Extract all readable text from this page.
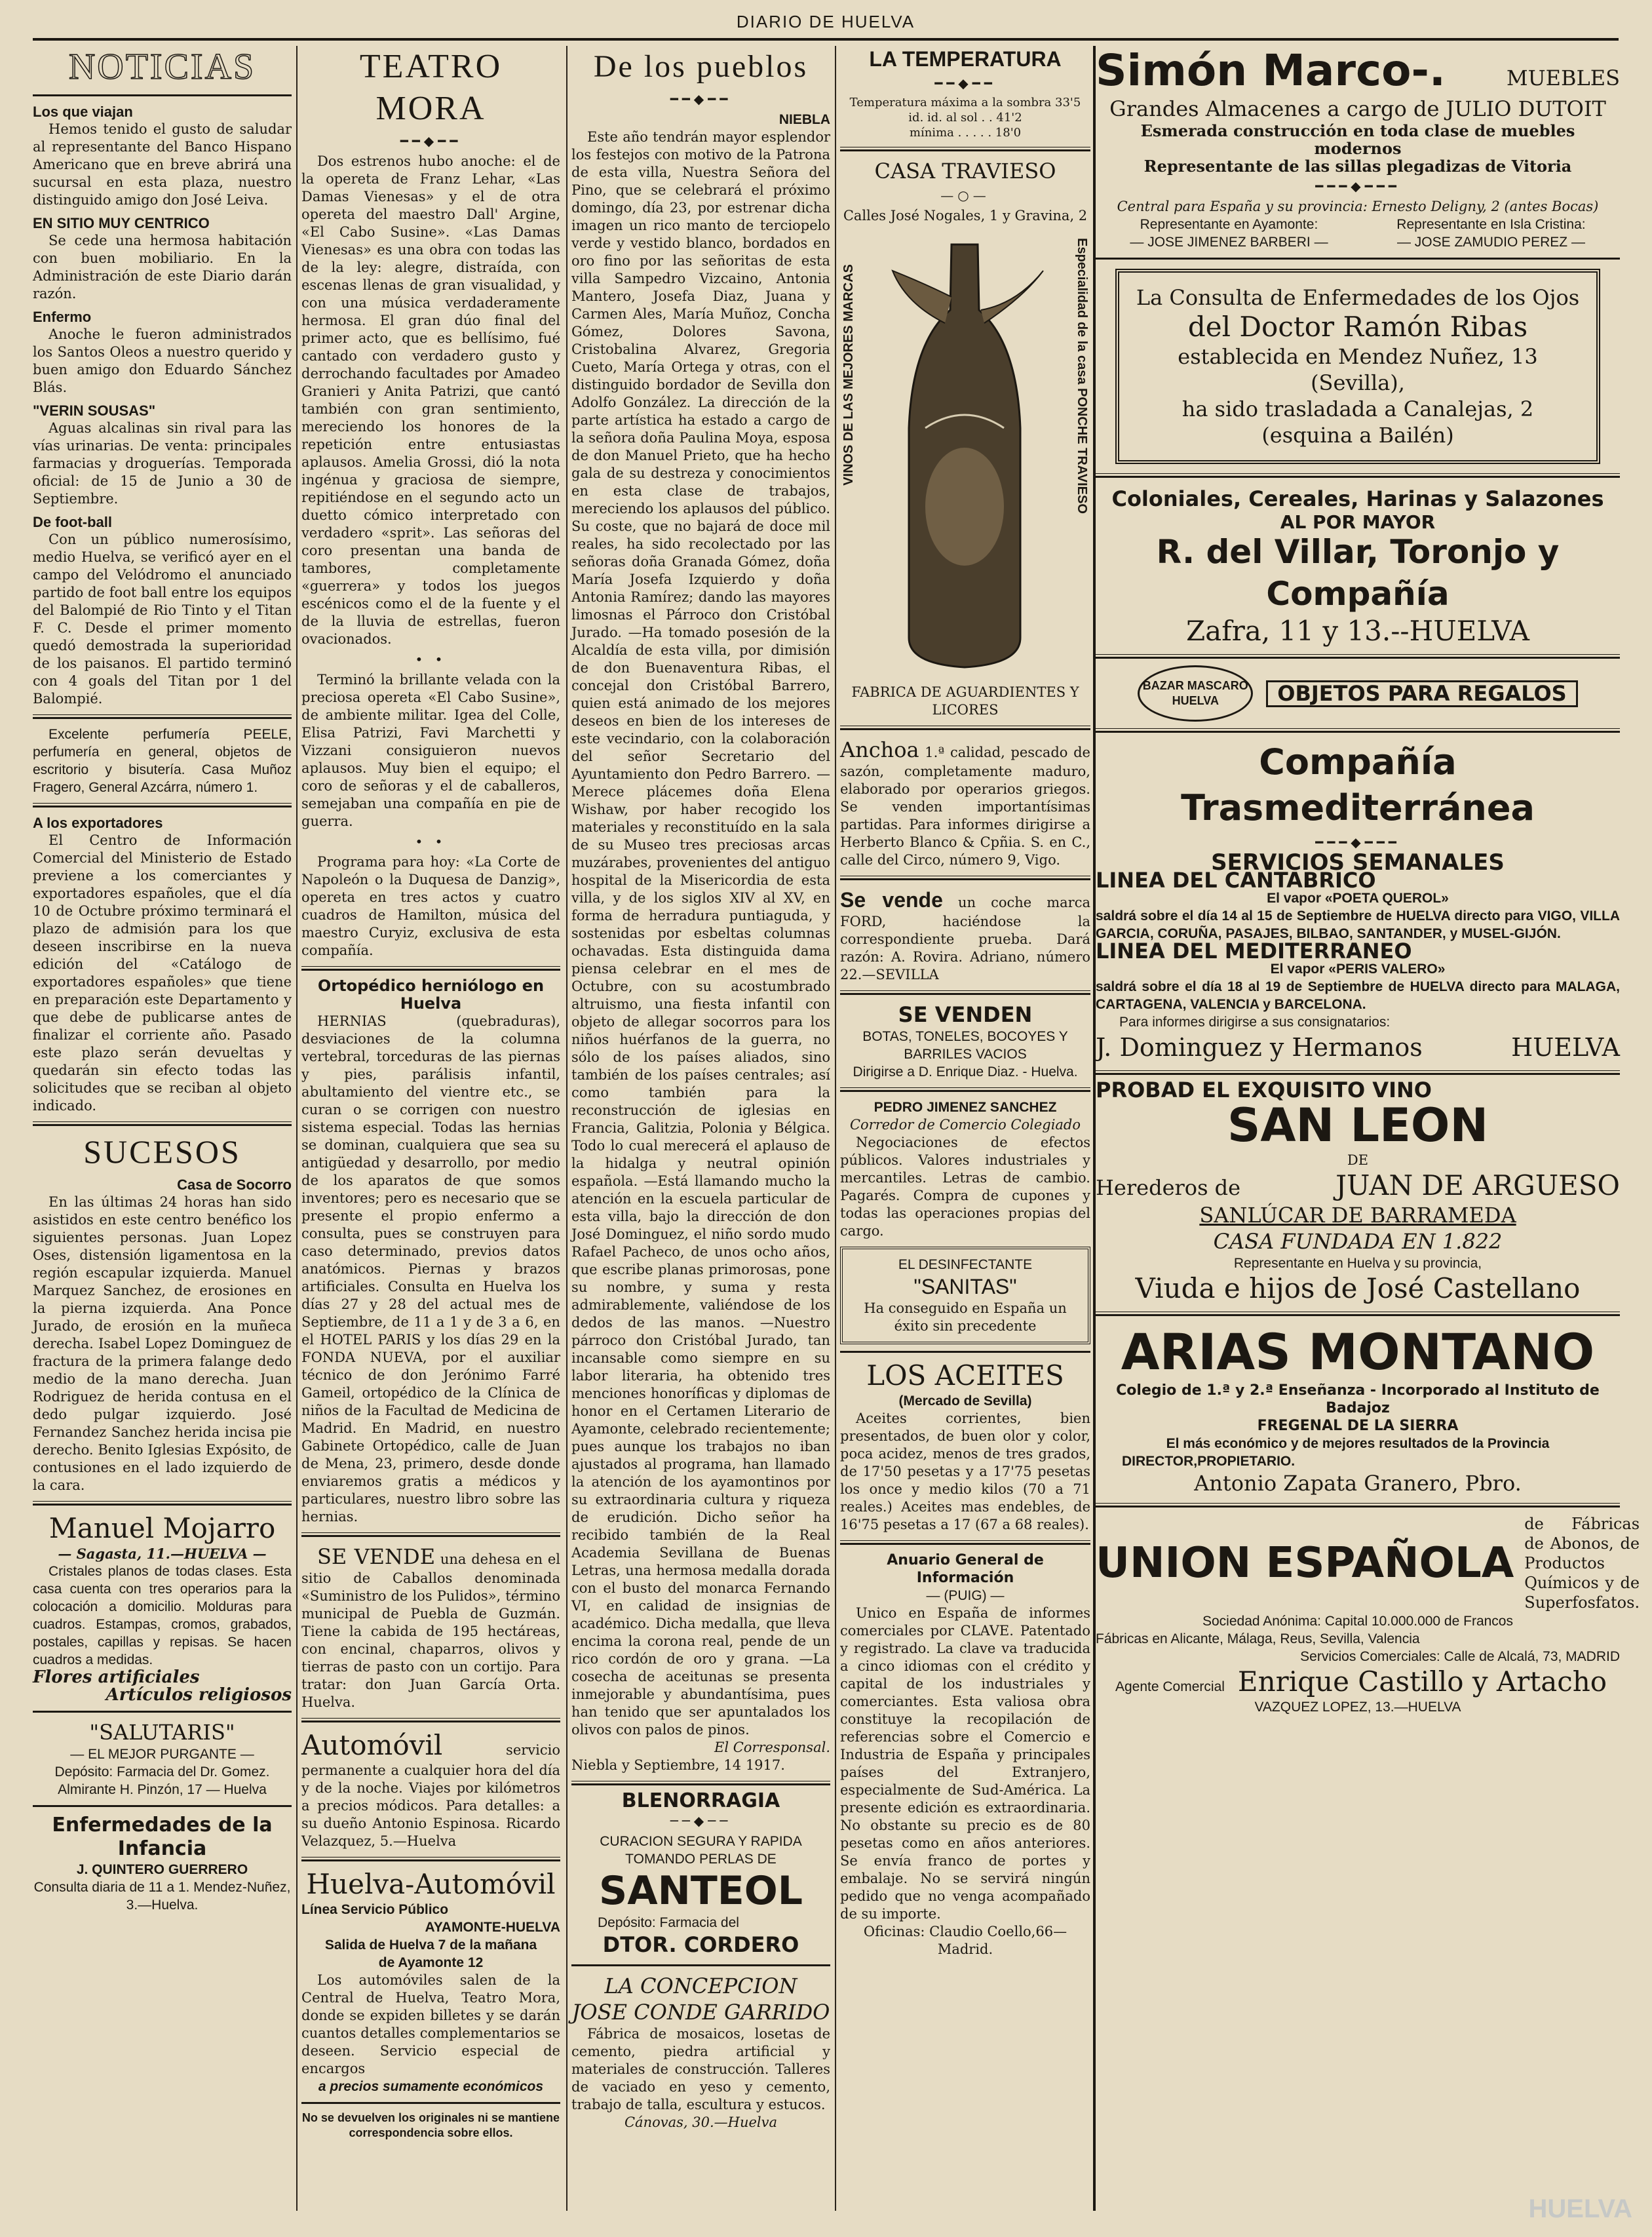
DIARIO DE HUELVA
NOTICIAS
Los que viajan

Hemos tenido el gusto de saludar al representante del Banco Hispano Americano que en breve abrirá una sucursal en esta plaza, nuestro distinguido amigo don José Leiva.

EN SITIO MUY CENTRICO

Se cede una hermosa habitación con buen mobiliario. En la Administración de este Diario darán razón.

Enfermo

Anoche le fueron administrados los Santos Oleos a nuestro querido y buen amigo don Eduardo Sánchez Blás.

"VERIN SOUSAS"

Aguas alcalinas sin rival para las vías urinarias. De venta: principales farmacias y droguerías. Temporada oficial: de 15 de Junio a 30 de Septiembre.

De foot-ball

Con un público numerosísimo, medio Huelva, se verificó ayer en el campo del Velódromo el anunciado partido de foot ball entre los equipos del Balompié de Rio Tinto y el Titan F. C. Desde el primer momento quedó demostrada la superioridad de los paisanos. El partido terminó con 4 goals del Titan por 1 del Balompié.

Excelente perfumería PEELE, perfumería en general, objetos de escritorio y bisutería. Casa Muñoz Fragero, General Azcárra, número 1.

A los exportadores

El Centro de Información Comercial del Ministerio de Estado previene a los comerciantes y exportadores españoles, que el día 10 de Octubre próximo terminará el plazo de admisión para los que deseen inscribirse en la nueva edición del «Catálogo de exportadores españoles» que tiene en preparación este Departamento y que debe de publicarse antes de finalizar el corriente año. Pasado este plazo serán devueltas y quedarán sin efecto todas las solicitudes que se reciban al objeto indicado.

SUCESOS
Casa de Socorro

En las últimas 24 horas han sido asistidos en este centro benéfico los siguientes personas. Juan Lopez Oses, distensión ligamentosa en la región escapular izquierda. Manuel Marquez Sanchez, de erosiones en la pierna izquierda. Ana Ponce Jurado, de erosión en la muñeca derecha. Isabel Lopez Dominguez de fractura de la primera falange dedo medio de la mano derecha. Juan Rodriguez de herida contusa en el dedo pulgar izquierdo. José Fernandez Sanchez herida incisa pie derecho. Benito Iglesias Expósito, de contusiones en el lado izquierdo de la cara.

Manuel Mojarro
— Sagasta, 11.—HUELVA —

Cristales planos de todas clases. Esta casa cuenta con tres operarios para la colocación a domicilio. Molduras para cuadros. Estampas, cromos, grabados, postales, capillas y repisas. Se hacen cuadros a medidas.

Flores artificiales
Artículos religiosos
"SALUTARIS"
— EL MEJOR PURGANTE —

Depósito: Farmacia del Dr. Gomez. Almirante H. Pinzón, 17 — Huelva

Enfermedades de la Infancia
J. QUINTERO GUERRERO

Consulta diaria de 11 a 1. Mendez-Nuñez, 3.—Huelva.

TEATRO MORA
━━◆━━

Dos estrenos hubo anoche: el de la opereta de Franz Lehar, «Las Damas Vienesas» y el de otra opereta del maestro Dall' Argine, «El Cabo Susine». «Las Damas Vienesas» es una obra con todas las de la ley: alegre, distraída, con escenas llenas de gran visualidad, y con una música verdaderamente hermosa. El gran dúo final del primer acto, que es bellísimo, fué cantado con verdadero gusto y derrochando facultades por Amadeo Granieri y Anita Patrizi, que cantó también con gran sentimiento, mereciendo los honores de la repetición entre entusiastas aplausos. Amelia Grossi, dió la nota ingénua y graciosa de siempre, repitiéndose en el segundo acto un duetto cómico interpretado con verdadero «sprit». Las señoras del coro presentan una banda de tambores, completamente «guerrera» y todos los juegos escénicos como el de la fuente y el de la lluvia de estrellas, fueron ovacionados.

• •

Terminó la brillante velada con la preciosa opereta «El Cabo Susine», de ambiente militar. Igea del Colle, Elisa Patrizi, Favi Marchetti y Vizzani consiguieron nuevos aplausos. Muy bien el equipo; el coro de señoras y el de caballeros, semejaban una compañía en pie de guerra.

• •

Programa para hoy: «La Corte de Napoleón o la Duquesa de Danzig», opereta en tres actos y cuatro cuadros de Hamilton, música del maestro Curyiz, exclusiva de esta compañía.

Ortopédico herniólogo en Huelva

HERNIAS (quebraduras), desviaciones de la columna vertebral, torceduras de las piernas y pies, parálisis infantil, abultamiento del vientre etc., se curan o se corrigen con nuestro sistema especial. Todas las hernias se dominan, cualquiera que sea su antigüedad y desarrollo, por medio de los aparatos de que somos inventores; pero es necesario que se presente el propio enfermo a consulta, pues se construyen para caso determinado, previos datos anatómicos. Piernas y brazos artificiales. Consulta en Huelva los días 27 y 28 del actual mes de Septiembre, de 11 a 1 y de 3 a 6, en el HOTEL PARIS y los días 29 en la FONDA NUEVA, por el auxiliar técnico de don Jerónimo Farré Gameil, ortopédico de la Clínica de niños de la Facultad de Medicina de Madrid. En Madrid, en nuestro Gabinete Ortopédico, calle de Juan de Mena, 23, primero, desde donde enviaremos gratis a médicos y particulares, nuestro libro sobre las hernias.

SE VENDE una dehesa en el sitio de Caballos denominada «Suministro de los Pulidos», término municipal de Puebla de Guzmán. Tiene la cabida de 195 hectáreas, con encinal, chaparros, olivos y tierras de pasto con un cortijo. Para tratar: don Juan García Orta. Huelva.

Automóvil	servicio permanente a cualquier hora del día y de la noche. Viajes por kilómetros a precios módicos. Para detalles: a su dueño Antonio Espinosa. Ricardo Velazquez, 5.—Huelva

Huelva-Automóvil
Línea Servicio Público
AYAMONTE-HUELVA
Salida de Huelva 7 de la mañana
de Ayamonte 12

Los automóviles salen de la Central de Huelva, Teatro Mora, donde se expiden billetes y se darán cuantos detalles complementarios se deseen. Servicio especial de encargos

a precios sumamente económicos

No se devuelven los originales ni se mantiene correspondencia sobre ellos.

De los pueblos
━━◆━━
NIEBLA

Este año tendrán mayor esplendor los festejos con motivo de la Patrona de esta villa, Nuestra Señora del Pino, que se celebrará el próximo domingo, día 23, por estrenar dicha imagen un rico manto de terciopelo verde y vestido blanco, bordados en oro fino por las señoritas de esta villa Sampedro Vizcaino, Antonia Mantero, Josefa Diaz, Juana y Carmen Ales, María Muñoz, Concha Gómez, Dolores Savona, Cristobalina Alvarez, Gregoria Cueto, María Ortega y otras, con el distinguido bordador de Sevilla don Adolfo González. La dirección de la parte artística ha estado a cargo de la señora doña Paulina Moya, esposa de don Manuel Prieto, que ha hecho gala de su destreza y conocimientos en esta clase de trabajos, mereciendo los aplausos del público. Su coste, que no bajará de doce mil reales, ha sido recolectado por las señoras doña Granada Gómez, doña María Josefa Izquierdo y doña Antonia Ramírez; dando las mayores limosnas el Párroco don Cristóbal Jurado. —Ha tomado posesión de la Alcaldía de esta villa, por dimisión de don Buenaventura Ribas, el concejal don Cristóbal Barrero, quien está animado de los mejores deseos en bien de los intereses de este vecindario, con la colaboración del señor Secretario del Ayuntamiento don Pedro Barrero. —Merece plácemes doña Elena Wishaw, por haber recogido los materiales y reconstituído en la sala de su Museo tres preciosas arcas muzárabes, provenientes del antiguo hospital de la Misericordia de esta villa, y de los siglos XIV al XV, en forma de herradura puntiaguda, y sostenidas por esbeltas columnas ochavadas. Esta distinguida dama piensa celebrar en el mes de Octubre, con su acostumbrado altruismo, una fiesta infantil con objeto de allegar socorros para los niños huérfanos de la guerra, no sólo de los países aliados, sino también de los países centrales; así como también para la reconstrucción de iglesias en Francia, Galitzia, Polonia y Bélgica. Todo lo cual merecerá el aplauso de la hidalga y neutral opinión española. —Está llamando mucho la atención en la escuela particular de esta villa, bajo la dirección de don José Dominguez, el niño sordo mudo Rafael Pacheco, de unos ocho años, que escribe planas primorosas, pone su nombre, y suma y resta admirablemente, valiéndose de los dedos de las manos. —Nuestro párroco don Cristóbal Jurado, tan incansable como siempre en su labor literaria, ha obtenido tres menciones honoríficas y diplomas de honor en el Certamen Literario de Ayamonte, celebrado recientemente; pues aunque los trabajos no iban ajustados al programa, han llamado la atención de los ayamontinos por su extraordinaria cultura y riqueza de erudición. Dicho señor ha recibido también de la Real Academia Sevillana de Buenas Letras, una hermosa medalla dorada con el busto del monarca Fernando VI, en calidad de insignias de académico. Dicha medalla, que lleva encima la corona real, pende de un rico cordón de oro y grana. —La cosecha de aceitunas se presenta inmejorable y abundantísima, pues han tenido que ser apuntalados los olivos con palos de pinos.

El Corresponsal.
Niebla y Septiembre, 14 1917.
BLENORRAGIA
──◆──
CURACION SEGURA Y RAPIDA
TOMANDO PERLAS DE
SANTEOL
Depósito: Farmacia del
DTOR. CORDERO
LA CONCEPCION
JOSE CONDE GARRIDO

Fábrica de mosaicos, losetas de cemento, piedra artificial y materiales de construcción. Talleres de vaciado en yeso y cemento, trabajo de talla, escultura y estucos.

Cánovas, 30.—Huelva
LA TEMPERATURA
━━◆━━
Temperatura máxima a la sombra 33'5
id. id. al sol . . 41'2
mínima . . . . . 18'0
CASA TRAVIESO
—○—
Calles José Nogales, 1 y Gravina, 2
VINOS DE LAS MEJORES MARCAS	Especialidad de la casa PONCHE TRAVIESO
FABRICA DE AGUARDIENTES Y LICORES

Anchoa 1.ª calidad, pescado de sazón, completamente maduro, elaborado por operarios griegos. Se venden importantísimas partidas. Para informes dirigirse a Herberto Blanco & Cpñia. S. en C., calle del Circo, número 9, Vigo.

Se vende un coche marca FORD, haciéndose la correspondiente prueba. Dará razón: A. Rovira. Adriano, número 22.—SEVILLA

SE VENDEN
BOTAS, TONELES, BOCOYES Y BARRILES VACIOS
Dirigirse a D. Enrique Diaz. - Huelva.
PEDRO JIMENEZ SANCHEZ
Corredor de Comercio Colegiado

Negociaciones de efectos públicos. Valores industriales y mercantiles. Letras de cambio. Pagarés. Compra de cupones y todas las operaciones propias del cargo.

EL DESINFECTANTE
"SANITAS"
Ha conseguido en España un éxito sin precedente
LOS ACEITES
(Mercado de Sevilla)

Aceites corrientes, bien presentados, de buen olor y color, poca acidez, menos de tres grados, de 17'50 pesetas y a 17'75 pesetas los once y medio kilos (70 a 71 reales.) Aceites mas endebles, de 16'75 pesetas a 17 (67 a 68 reales).

Anuario General de Información
— (PUIG) —

Unico en España de informes comerciales por CLAVE. Patentado y registrado. La clave va traducida a cinco idiomas con el crédito y capital de los industriales y comerciantes. Esta valiosa obra constituye la recopilación de referencias sobre el Comercio e Industria de España y principales países del Extranjero, especialmente de Sud-América. La presente edición es extraordinaria. No obstante su precio es de 80 pesetas como en años anteriores. Se envía franco de portes y embalaje. No se servirá ningún pedido que no venga acompañado de su importe.

Oficinas: Claudio Coello,66—Madrid.
Simón Marco-.	MUEBLES
Grandes Almacenes a cargo de JULIO DUTOIT
Esmerada construcción en toda clase de muebles modernos
Representante de las sillas plegadizas de Vitoria
━━━◆━━━
Central para España y su provincia: Ernesto Deligny, 2 (antes Bocas)
Representante en Ayamonte:
— JOSE JIMENEZ BARBERI —
Representante en Isla Cristina:
— JOSE ZAMUDIO PEREZ —
La Consulta de Enfermedades de los Ojos
del Doctor Ramón Ribas
establecida en Mendez Nuñez, 13 (Sevilla),
ha sido trasladada a Canalejas, 2
(esquina a Bailén)
Coloniales, Cereales, Harinas y Salazones
AL POR MAYOR
R. del Villar, Toronjo y Compañía
Zafra, 11 y 13.--HUELVA
BAZAR MASCARO
HUELVA	OBJETOS PARA REGALOS
Compañía Trasmediterránea
━━━◆━━━
SERVICIOS SEMANALES
LINEA DEL CANTABRICO
El vapor «POETA QUEROL»

saldrá sobre el día 14 al 15 de Septiembre de HUELVA directo para VIGO, VILLA GARCIA, CORUÑA, PASAJES, BILBAO, SANTANDER, y MUSEL-GIJÓN.

LINEA DEL MEDITERRANEO
El vapor «PERIS VALERO»

saldrá sobre el día 18 al 19 de Septiembre de HUELVA directo para MALAGA, CARTAGENA, VALENCIA y BARCELONA.

Para informes dirigirse a sus consignatarios:
J. Dominguez y Hermanos	HUELVA
PROBAD EL EXQUISITO VINO
SAN LEON
DE
Herederos de	JUAN DE ARGUESO
SANLÚCAR DE BARRAMEDA
CASA FUNDADA EN 1.822
Representante en Huelva y su provincia,
Viuda e hijos de José Castellano
ARIAS MONTANO
Colegio de 1.ª y 2.ª Enseñanza - Incorporado al Instituto de Badajoz
FREGENAL DE LA SIERRA
El más económico y de mejores resultados de la Provincia
DIRECTOR,PROPIETARIO.
Antonio Zapata Granero, Pbro.
UNION ESPAÑOLA
de Fábricas de Abonos, de Productos Químicos y de Superfosfatos.
Sociedad Anónima: Capital 10.000.000 de Francos
Fábricas en Alicante, Málaga, Reus, Sevilla, Valencia
Servicios Comerciales: Calle de Alcalá, 73, MADRID
Agente Comercial Enrique Castillo y Artacho
VAZQUEZ LOPEZ, 13.—HUELVA
HUELVA
